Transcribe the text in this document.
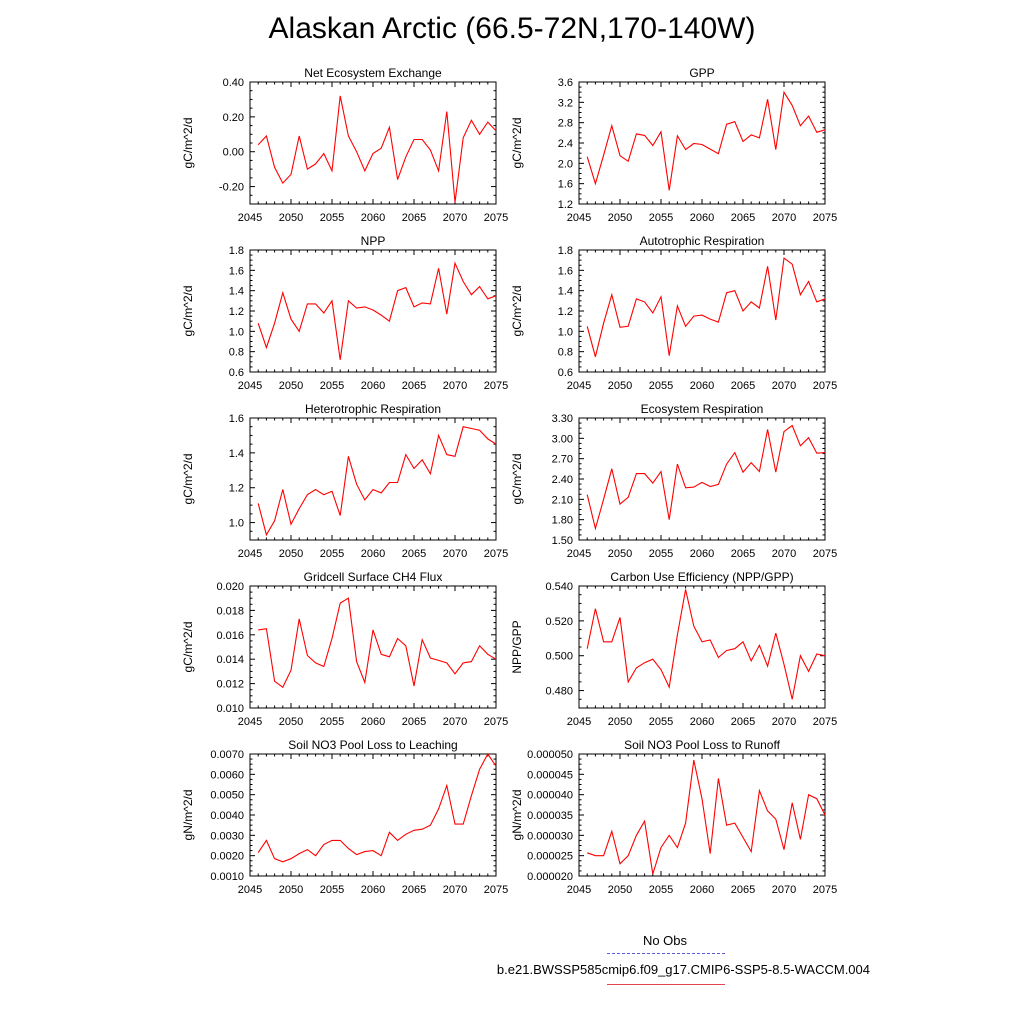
Alaskan Arctic (66.5-72N,170-140W)
Net Ecosystem Exchange
gC/m^2/d
2045 2050 2055 2060 2065 2070 2075
-0.20
0.00
0.20
0.40
GPP
gC/m^2/d
2045 2050 2055 2060 2065 2070 2075
1.2
1.6
2.0
2.4
2.8
3.2
3.6
NPP
gC/m^2/d
2045 2050 2055 2060 2065 2070 2075
0.6
0.8
1.0
1.2
1.4
1.6
1.8
Autotrophic Respiration
gC/m^2/d
2045 2050 2055 2060 2065 2070 2075
0.6
0.8
1.0
1.2
1.4
1.6
1.8
Heterotrophic Respiration
gC/m^2/d
2045 2050 2055 2060 2065 2070 2075
1.0
1.2
1.4
1.6
Ecosystem Respiration
gC/m^2/d
2045 2050 2055 2060 2065 2070 2075
1.50
1.80
2.10
2.40
2.70
3.00
3.30
Gridcell Surface CH4 Flux
gC/m^2/d
2045 2050 2055 2060 2065 2070 2075
0.010
0.012
0.014
0.016
0.018
0.020
Carbon Use Efficiency (NPP/GPP)
NPP/GPP
2045 2050 2055 2060 2065 2070 2075
0.480
0.500
0.520
0.540
Soil NO3 Pool Loss to Leaching
gN/m^2/d
2045 2050 2055 2060 2065 2070 2075
0.0010
0.0020
0.0030
0.0040
0.0050
0.0060
0.0070
Soil NO3 Pool Loss to Runoff
gN/m^2/d
2045 2050 2055 2060 2065 2070 2075
0.000020
0.000025
0.000030
0.000035
0.000040
0.000045
0.000050
No Obs
b.e21.BWSSP585cmip6.f09_g17.CMIP6-SSP5-8.5-WACCM.004
